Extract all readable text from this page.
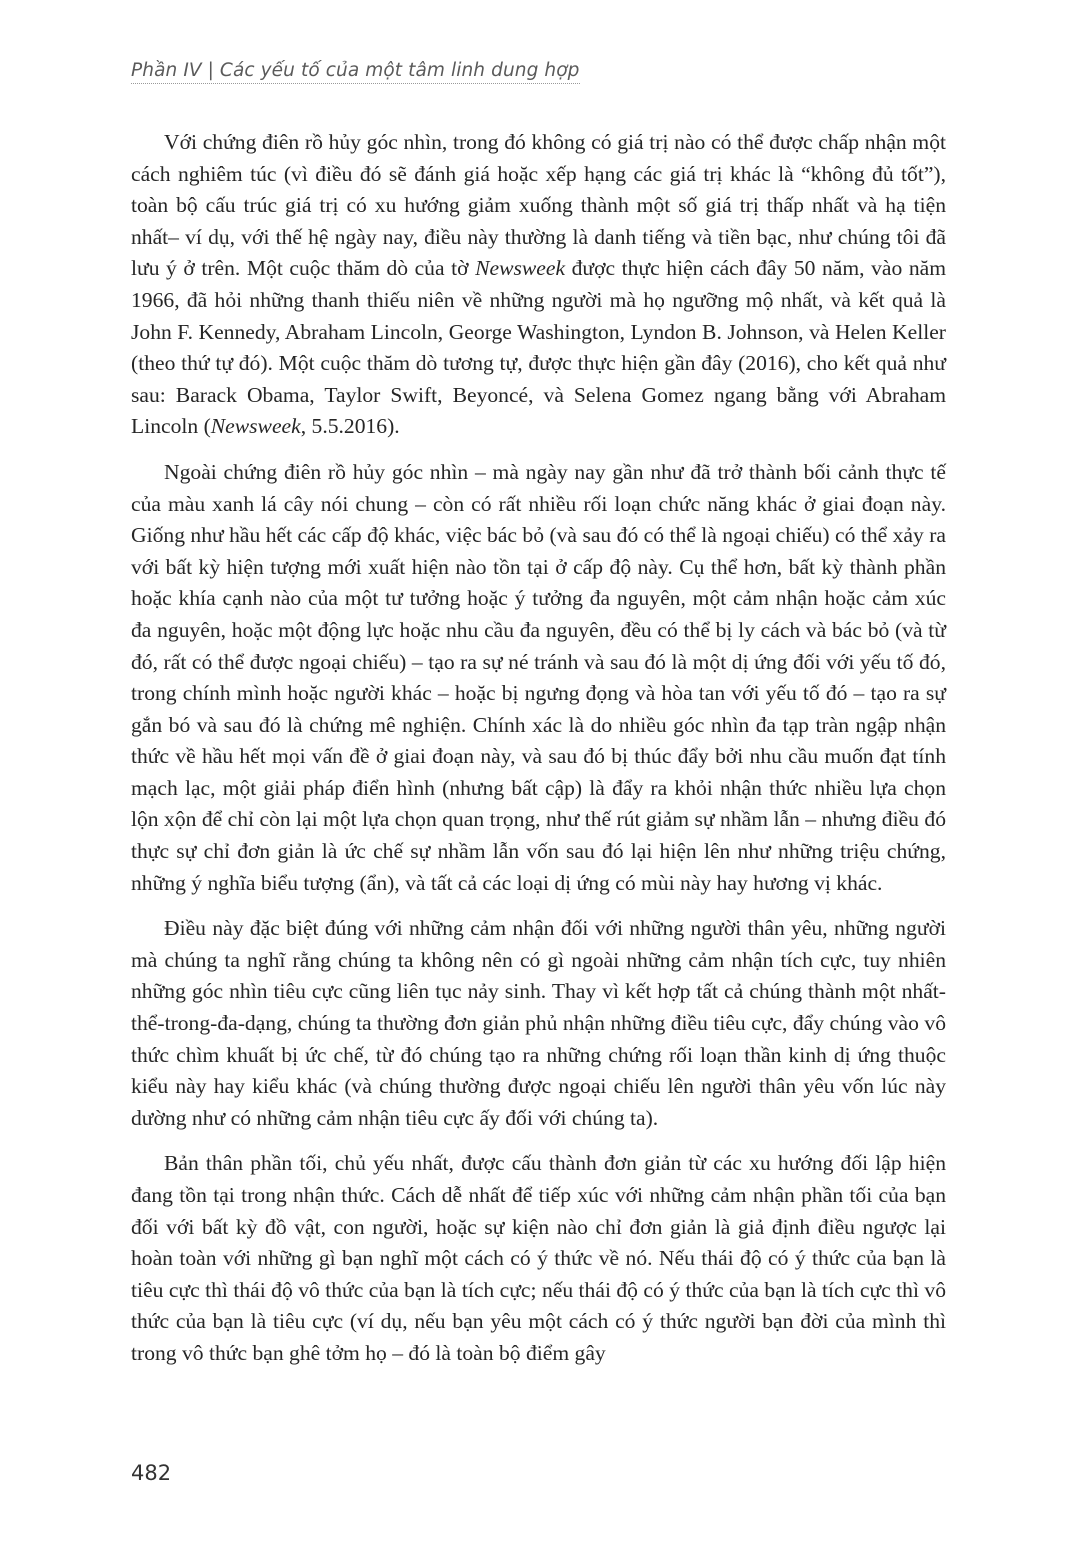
Phần IV | Các yếu tố của một tâm linh dung hợp

Với chứng điên rồ hủy góc nhìn, trong đó không có giá trị nào có thể được chấp nhận một cách nghiêm túc (vì điều đó sẽ đánh giá hoặc xếp hạng các giá trị khác là “không đủ tốt”), toàn bộ cấu trúc giá trị có xu hướng giảm xuống thành một số giá trị thấp nhất và hạ tiện nhất– ví dụ, với thế hệ ngày nay, điều này thường là danh tiếng và tiền bạc, như chúng tôi đã lưu ý ở trên. Một cuộc thăm dò của tờ Newsweek được thực hiện cách đây 50 năm, vào năm 1966, đã hỏi những thanh thiếu niên về những người mà họ ngưỡng mộ nhất, và kết quả là John F. Kennedy, Abraham Lincoln, George Washington, Lyndon B. Johnson, và Helen Keller (theo thứ tự đó). Một cuộc thăm dò tương tự, được thực hiện gần đây (2016), cho kết quả như sau: Barack Obama, Taylor Swift, Beyoncé, và Selena Gomez ngang bằng với Abraham Lincoln (Newsweek, 5.5.2016).

Ngoài chứng điên rồ hủy góc nhìn – mà ngày nay gần như đã trở thành bối cảnh thực tế của màu xanh lá cây nói chung – còn có rất nhiều rối loạn chức năng khác ở giai đoạn này. Giống như hầu hết các cấp độ khác, việc bác bỏ (và sau đó có thể là ngoại chiếu) có thể xảy ra với bất kỳ hiện tượng mới xuất hiện nào tồn tại ở cấp độ này. Cụ thể hơn, bất kỳ thành phần hoặc khía cạnh nào của một tư tưởng hoặc ý tưởng đa nguyên, một cảm nhận hoặc cảm xúc đa nguyên, hoặc một động lực hoặc nhu cầu đa nguyên, đều có thể bị ly cách và bác bỏ (và từ đó, rất có thể được ngoại chiếu) – tạo ra sự né tránh và sau đó là một dị ứng đối với yếu tố đó, trong chính mình hoặc người khác – hoặc bị ngưng đọng và hòa tan với yếu tố đó – tạo ra sự gắn bó và sau đó là chứng mê nghiện. Chính xác là do nhiều góc nhìn đa tạp tràn ngập nhận thức về hầu hết mọi vấn đề ở giai đoạn này, và sau đó bị thúc đẩy bởi nhu cầu muốn đạt tính mạch lạc, một giải pháp điển hình (nhưng bất cập) là đẩy ra khỏi nhận thức nhiều lựa chọn lộn xộn để chỉ còn lại một lựa chọn quan trọng, như thế rút giảm sự nhầm lẫn – nhưng điều đó thực sự chỉ đơn giản là ức chế sự nhầm lẫn vốn sau đó lại hiện lên như những triệu chứng, những ý nghĩa biểu tượng (ẩn), và tất cả các loại dị ứng có mùi này hay hương vị khác.

Điều này đặc biệt đúng với những cảm nhận đối với những người thân yêu, những người mà chúng ta nghĩ rằng chúng ta không nên có gì ngoài những cảm nhận tích cực, tuy nhiên những góc nhìn tiêu cực cũng liên tục nảy sinh. Thay vì kết hợp tất cả chúng thành một nhất-thể-trong-đa-dạng, chúng ta thường đơn giản phủ nhận những điều tiêu cực, đẩy chúng vào vô thức chìm khuất bị ức chế, từ đó chúng tạo ra những chứng rối loạn thần kinh dị ứng thuộc kiểu này hay kiểu khác (và chúng thường được ngoại chiếu lên người thân yêu vốn lúc này dường như có những cảm nhận tiêu cực ấy đối với chúng ta).

Bản thân phần tối, chủ yếu nhất, được cấu thành đơn giản từ các xu hướng đối lập hiện đang tồn tại trong nhận thức. Cách dễ nhất để tiếp xúc với những cảm nhận phần tối của bạn đối với bất kỳ đồ vật, con người, hoặc sự kiện nào chỉ đơn giản là giả định điều ngược lại hoàn toàn với những gì bạn nghĩ một cách có ý thức về nó. Nếu thái độ có ý thức của bạn là tiêu cực thì thái độ vô thức của bạn là tích cực; nếu thái độ có ý thức của bạn là tích cực thì vô thức của bạn là tiêu cực (ví dụ, nếu bạn yêu một cách có ý thức người bạn đời của mình thì trong vô thức bạn ghê tởm họ – đó là toàn bộ điểm gây

482
